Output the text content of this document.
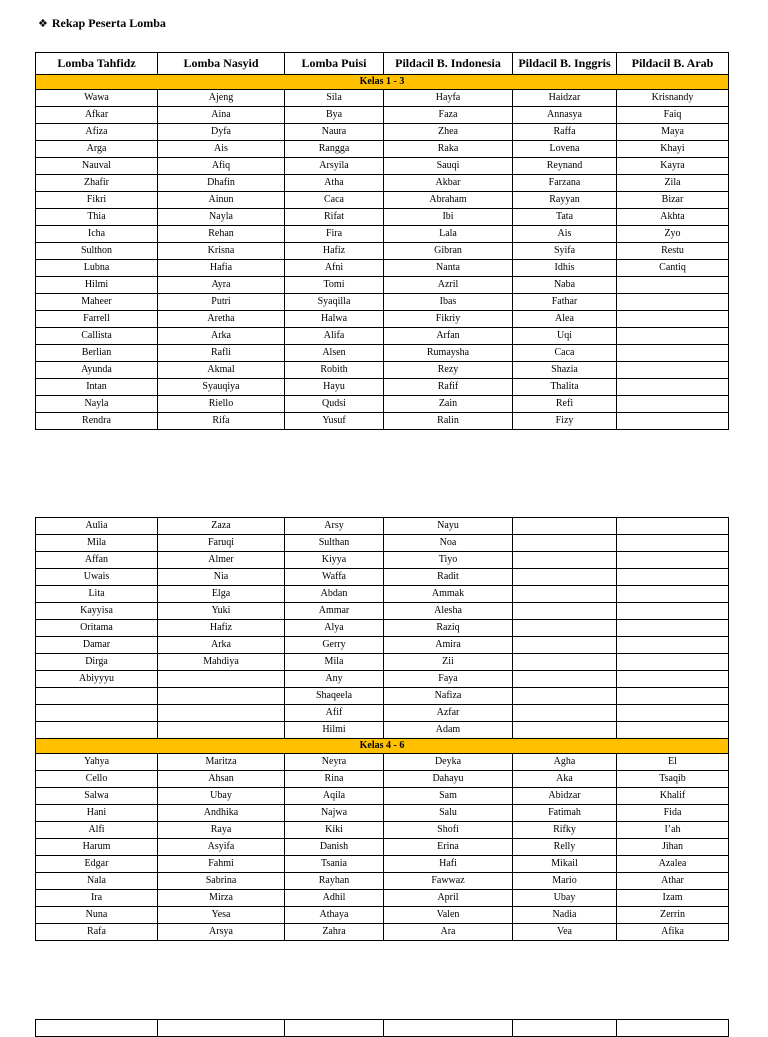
❖ Rekap Peserta Lomba
Lomba Tahfidz	Lomba Nasyid	Lomba Puisi	Pildacil B. Indonesia	Pildacil B. Inggris	Pildacil B. Arab
Kelas 1 - 3					
Wawa	Ajeng	Sila	Hayfa	Haidzar	Krisnandy
Afkar	Aina	Bya	Faza	Annasya	Faiq
Afiza	Dyfa	Naura	Zhea	Raffa	Maya
Arga	Ais	Rangga	Raka	Lovena	Khayi
Nauval	Afiq	Arsyila	Sauqi	Reynand	Kayra
Zhafir	Dhafin	Atha	Akbar	Farzana	Zila
Fikri	Ainun	Caca	Abraham	Rayyan	Bizar
Thia	Nayla	Rifat	Ibi	Tata	Akhta
Icha	Rehan	Fira	Lala	Ais	Zyo
Sulthon	Krisna	Hafiz	Gibran	Syifa	Restu
Lubna	Hafia	Afni	Nanta	Idhis	Cantiq
Hilmi	Ayra	Tomi	Azril	Naba	
Maheer	Putri	Syaqilla	Ibas	Fathar	
Farrell	Aretha	Halwa	Fikriy	Alea	
Callista	Arka	Alifa	Arfan	Uqi	
Berlian	Rafli	Alsen	Rumaysha	Caca	
Ayunda	Akmal	Robith	Rezy	Shazia	
Intan	Syauqiya	Hayu	Rafif	Thalita	
Nayla	Riello	Qudsi	Zain	Refi	
Rendra	Rifa	Yusuf	Ralin	Fizy	
Aulia	Zaza	Arsy	Nayu		
Mila	Faruqi	Sulthan	Noa		
Affan	Almer	Kiyya	Tiyo		
Uwais	Nia	Waffa	Radit		
Lita	Elga	Abdan	Ammak		
Kayyisa	Yuki	Ammar	Alesha		
Oritama	Hafiz	Alya	Raziq		
Damar	Arka	Gerry	Amira		
Dirga	Mahdiya	Mila	Zii		
Abiyyyu		Any	Faya		
		Shaqeela	Nafiza		
		Afif	Azfar		
		Hilmi	Adam		
Kelas 4 - 6					
Yahya	Maritza	Neyra	Deyka	Agha	El
Cello	Ahsan	Rina	Dahayu	Aka	Tsaqib
Salwa	Ubay	Aqila	Sam	Abidzar	Khalif
Hani	Andhika	Najwa	Salu	Fatimah	Fida
Alfi	Raya	Kiki	Shofi	Rifky	I’ah
Harum	Asyifa	Danish	Erina	Relly	Jihan
Edgar	Fahmi	Tsania	Hafi	Mikail	Azalea
Nala	Sabrina	Rayhan	Fawwaz	Mario	Athar
Ira	Mirza	Adhil	April	Ubay	Izam
Nuna	Yesa	Athaya	Valen	Nadia	Zerrin
Rafa	Arsya	Zahra	Ara	Vea	Afika
